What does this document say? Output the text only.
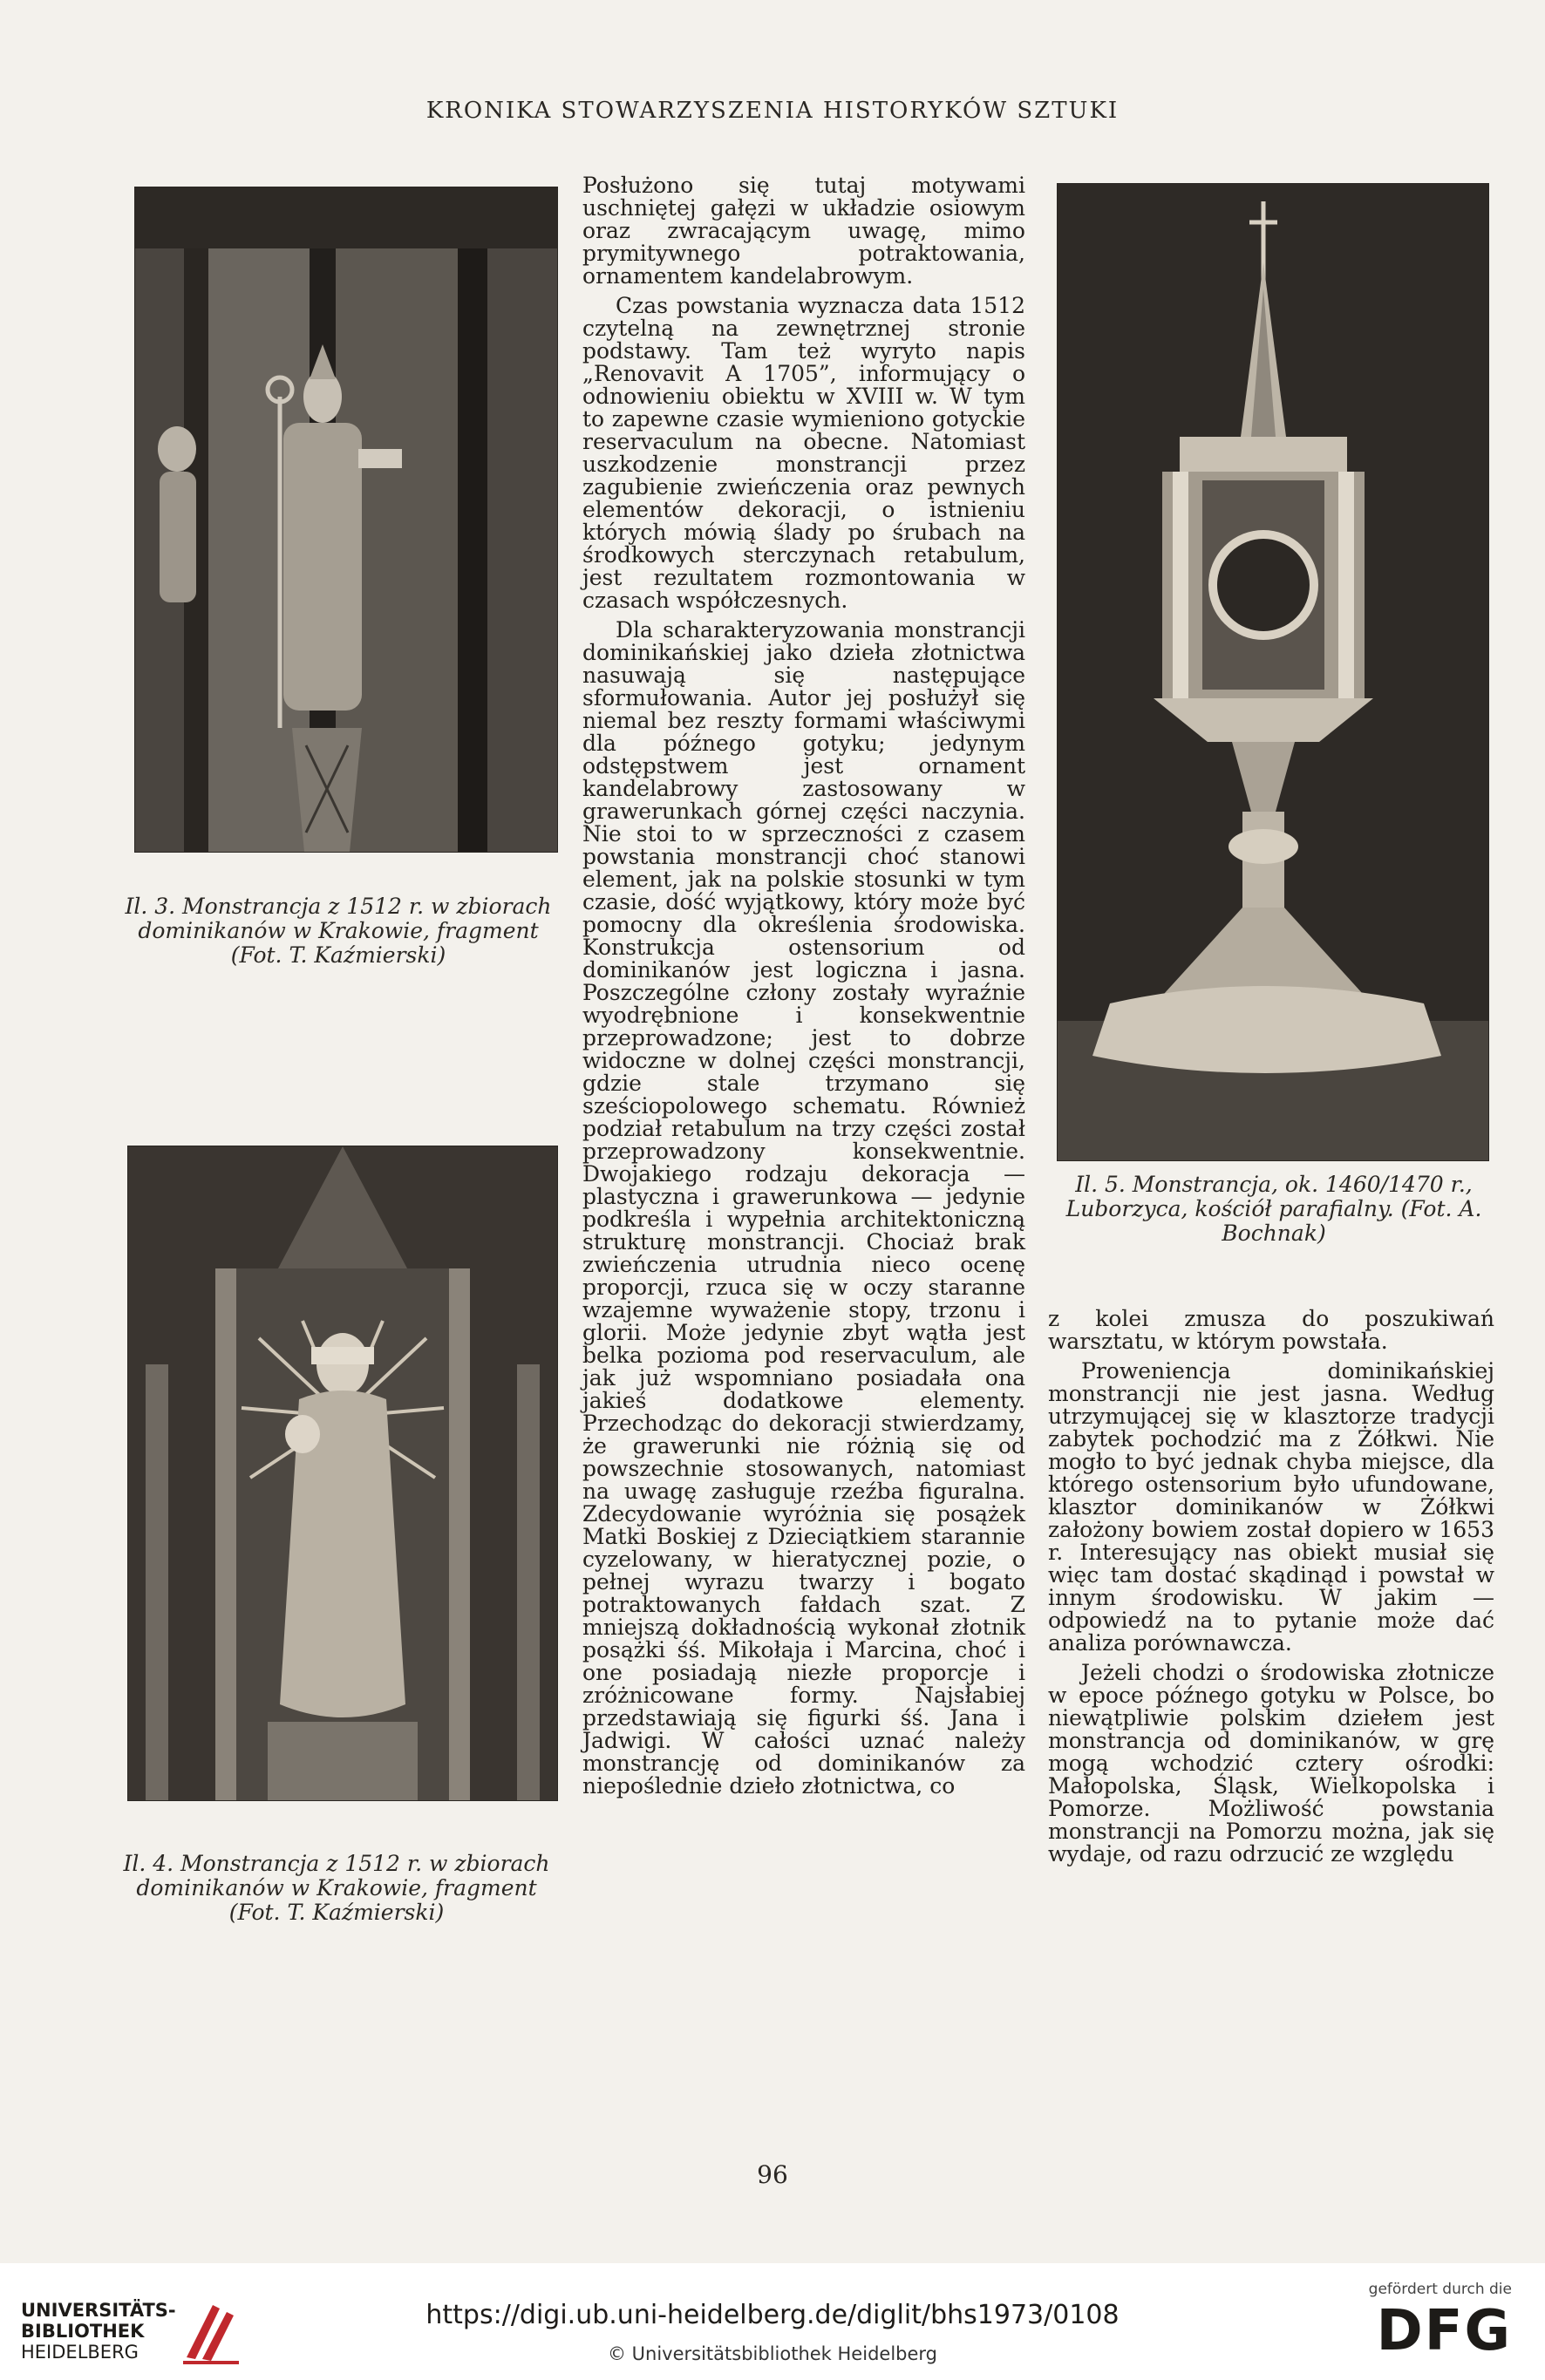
KRONIKA STOWARZYSZENIA HISTORYKÓW SZTUKI
Il. 3. Monstrancja z 1512 r. w zbiorach dominikanów w Krakowie, fragment (Fot. T. Kaźmierski)
Il. 4. Monstrancja z 1512 r. w zbiorach dominikanów w Krakowie, fragment (Fot. T. Kaźmierski)
Il. 5. Monstrancja, ok. 1460/1470 r., Luborzyca, kościół parafialny. (Fot. A. Bochnak)

Posłużono się tutaj motywami uschniętej gałęzi w układzie osiowym oraz zwracającym uwagę, mimo prymitywnego potraktowania, ornamentem kandelabrowym.

Czas powstania wyznacza data 1512 czytelną na zewnętrznej stronie podstawy. Tam też wyryto napis „Renovavit A 1705”, informujący o odnowieniu obiektu w XVIII w. W tym to zapewne czasie wymieniono gotyckie reservaculum na obecne. Natomiast uszkodzenie monstrancji przez zagubienie zwieńczenia oraz pewnych elementów dekoracji, o istnieniu których mówią ślady po śrubach na środkowych sterczynach retabulum, jest rezultatem rozmontowania w czasach współczesnych.

Dla scharakteryzowania monstrancji dominikańskiej jako dzieła złotnictwa nasuwają się następujące sformułowania. Autor jej posłużył się niemal bez reszty formami właściwymi dla późnego gotyku; jedynym odstępstwem jest ornament kandelabrowy zastosowany w grawerunkach górnej części naczynia. Nie stoi to w sprzeczności z czasem powstania monstrancji choć stanowi element, jak na polskie stosunki w tym czasie, dość wyjątkowy, który może być pomocny dla określenia środowiska. Konstrukcja ostensorium od dominikanów jest logiczna i jasna. Poszczególne człony zostały wyraźnie wyodrębnione i konsekwentnie przeprowadzone; jest to dobrze widoczne w dolnej części monstrancji, gdzie stale trzymano się sześciopolowego schematu. Również podział retabulum na trzy części został przeprowadzony konsekwentnie. Dwojakiego rodzaju dekoracja — plastyczna i grawerunkowa — jedynie podkreśla i wypełnia architektoniczną strukturę monstrancji. Chociaż brak zwieńczenia utrudnia nieco ocenę proporcji, rzuca się w oczy staranne wzajemne wyważenie stopy, trzonu i glorii. Może jedynie zbyt wątła jest belka pozioma pod reservaculum, ale jak już wspomniano posiadała ona jakieś dodatkowe elementy. Przechodząc do dekoracji stwierdzamy, że grawerunki nie różnią się od powszechnie stosowanych, natomiast na uwagę zasługuje rzeźba figuralna. Zdecydowanie wyróżnia się posążek Matki Boskiej z Dzieciątkiem starannie cyzelowany, w hieratycznej pozie, o pełnej wyrazu twarzy i bogato potraktowanych fałdach szat. Z mniejszą dokładnością wykonał złotnik posążki śś. Mikołaja i Marcina, choć i one posiadają niezłe proporcje i zróżnicowane formy. Najsłabiej przedstawiają się figurki śś. Jana i Jadwigi. W całości uznać należy monstrancję od dominikanów za niepoślednie dzieło złotnictwa, co

z kolei zmusza do poszukiwań warsztatu, w którym powstała.

Proweniencja dominikańskiej monstrancji nie jest jasna. Według utrzymującej się w klasztorze tradycji zabytek pochodzić ma z Żółkwi. Nie mogło to być jednak chyba miejsce, dla którego ostensorium było ufundowane, klasztor dominikanów w Żółkwi założony bowiem został dopiero w 1653 r. Interesujący nas obiekt musiał się więc tam dostać skądinąd i powstał w innym środowisku. W jakim — odpowiedź na to pytanie może dać analiza porównawcza.

Jeżeli chodzi o środowiska złotnicze w epoce późnego gotyku w Polsce, bo niewątpliwie polskim dziełem jest monstrancja od dominikanów, w grę mogą wchodzić cztery ośrodki: Małopolska, Śląsk, Wielkopolska i Pomorze. Możliwość powstania monstrancji na Pomorzu można, jak się wydaje, od razu odrzucić ze względu

96
UNIVERSITÄTS-
BIBLIOTHEK
HEIDELBERG
https://digi.ub.uni-heidelberg.de/diglit/bhs1973/0108
© Universitätsbibliothek Heidelberg
gefördert durch die
DFG
